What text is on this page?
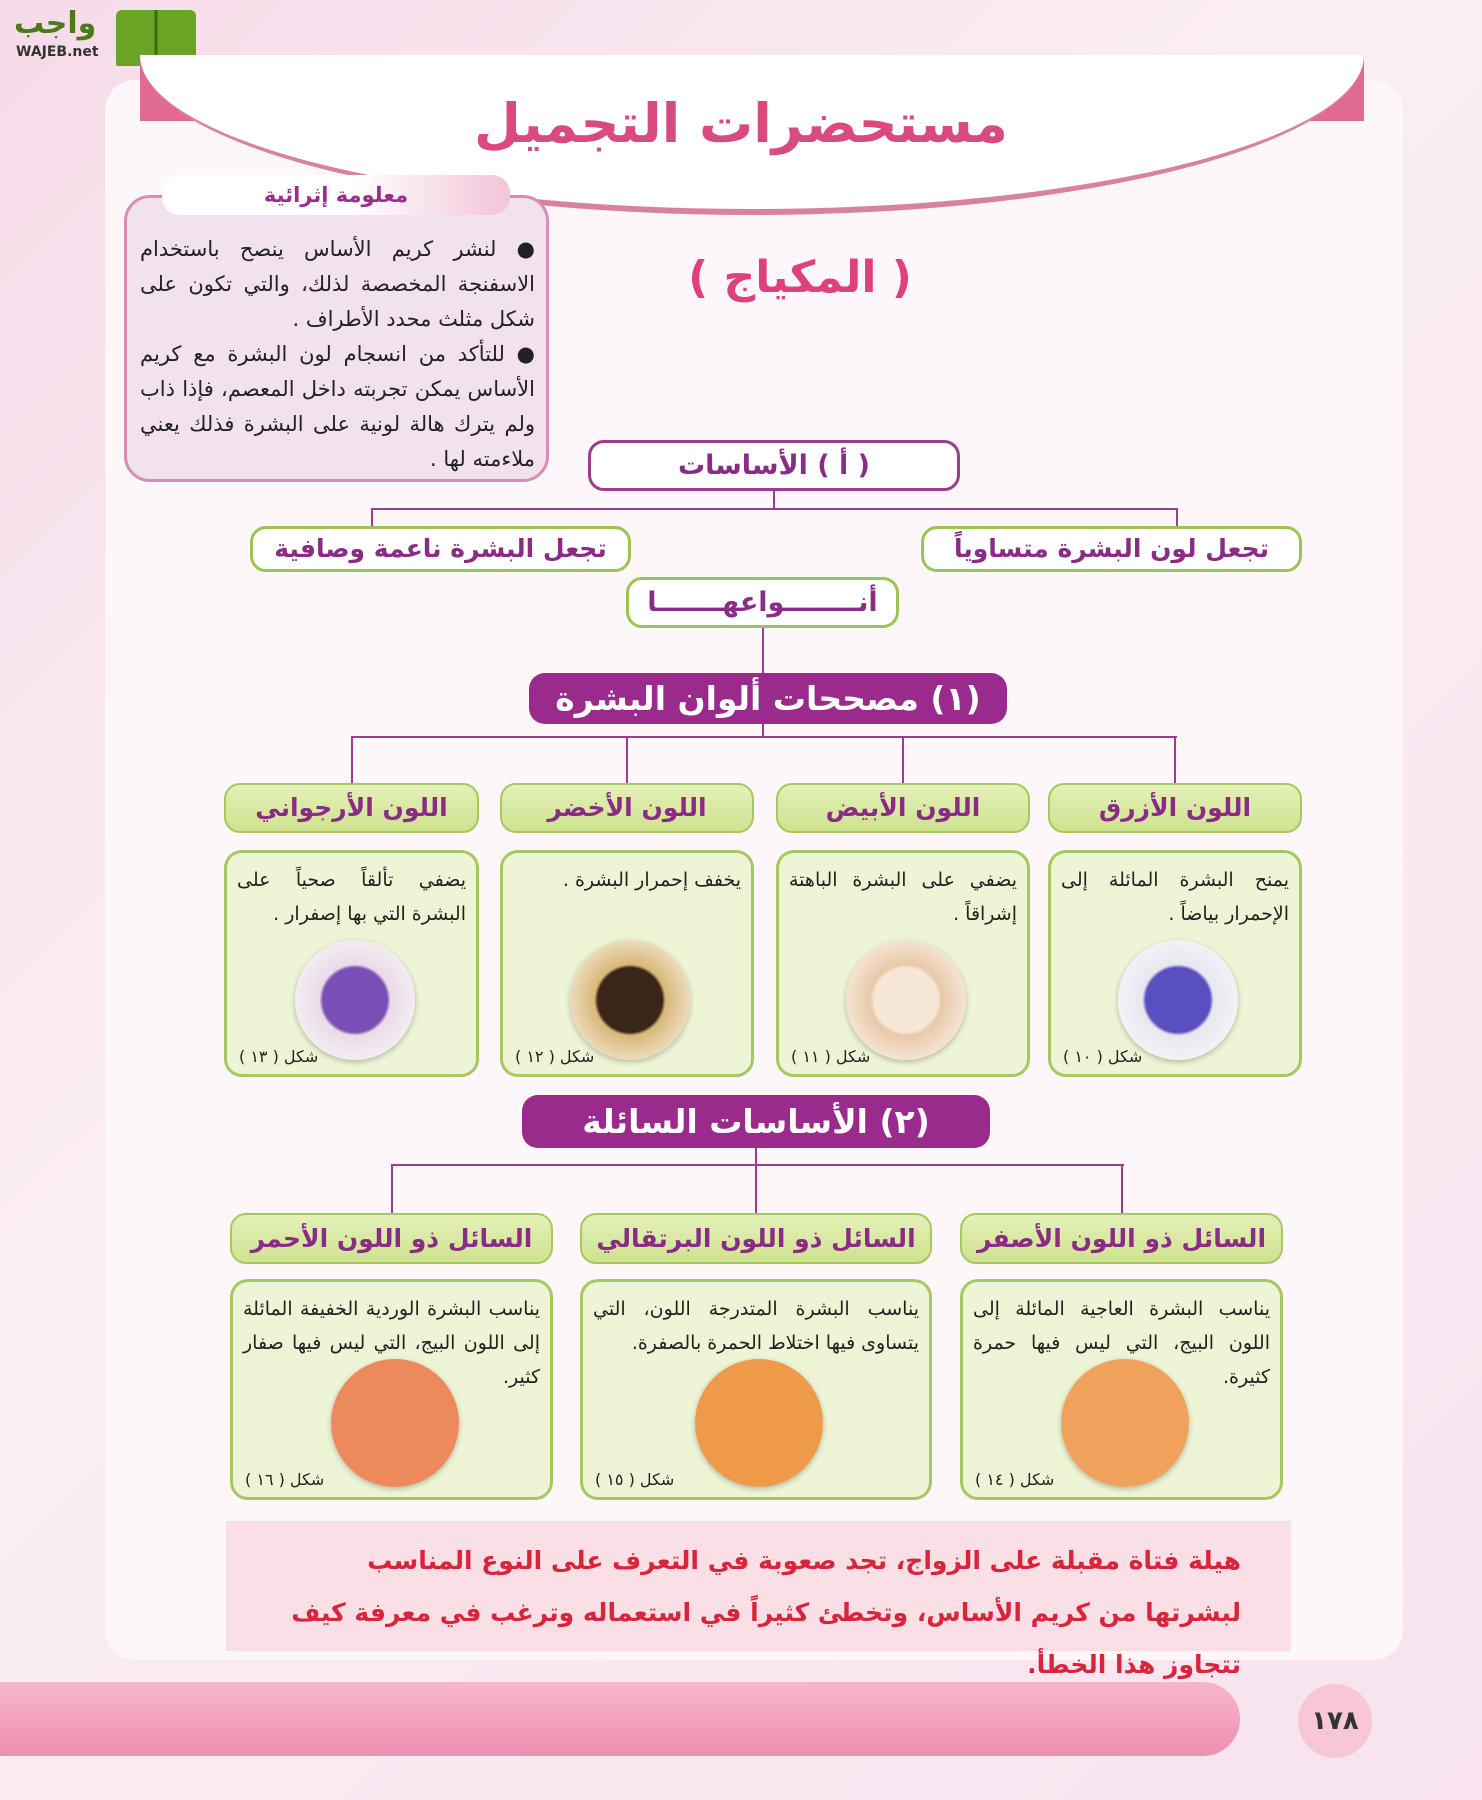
واجب
WAJEB.net
مستحضرات التجميل
معلومة إثرائية

● لنشر كريم الأساس ينصح باستخدام الاسفنجة المخصصة لذلك، والتي تكون على شكل مثلث محدد الأطراف .

● للتأكد من انسجام لون البشرة مع كريم الأساس يمكن تجربته داخل المعصم، فإذا ذاب ولم يترك هالة لونية على البشرة فذلك يعني ملاءمته لها .

( المكياج )
( أ ) الأساسات
تجعل لون البشرة متساوياً
تجعل البشرة ناعمة وصافية
أنــــــــواعهـــــــا
(١) مصححات ألوان البشرة
اللون الأزرق
يمنح البشرة المائلة إلى الإحمرار بياضاً .
شكل ( ١٠ )
اللون الأبيض
يضفي على البشرة الباهتة إشراقاً .
شكل ( ١١ )
اللون الأخضر
يخفف إحمرار البشرة .
شكل ( ١٢ )
اللون الأرجواني
يضفي تألقاً صحياً على البشرة التي بها إصفرار .
شكل ( ١٣ )
(٢) الأساسات السائلة
السائل ذو اللون الأصفر
يناسب البشرة العاجية المائلة إلى اللون البيج، التي ليس فيها حمرة كثيرة.
شكل ( ١٤ )
السائل ذو اللون البرتقالي
يناسب البشرة المتدرجة اللون، التي يتساوى فيها اختلاط الحمرة بالصفرة.
شكل ( ١٥ )
السائل ذو اللون الأحمر
يناسب البشرة الوردية الخفيفة المائلة إلى اللون البيج، التي ليس فيها صفار كثير.
شكل ( ١٦ )
هيلة فتاة مقبلة على الزواج، تجد صعوبة في التعرف على النوع المناسب لبشرتها من كريم الأساس، وتخطئ كثيراً في استعماله وترغب في معرفة كيف تتجاوز هذا الخطأ.
١٧٨
